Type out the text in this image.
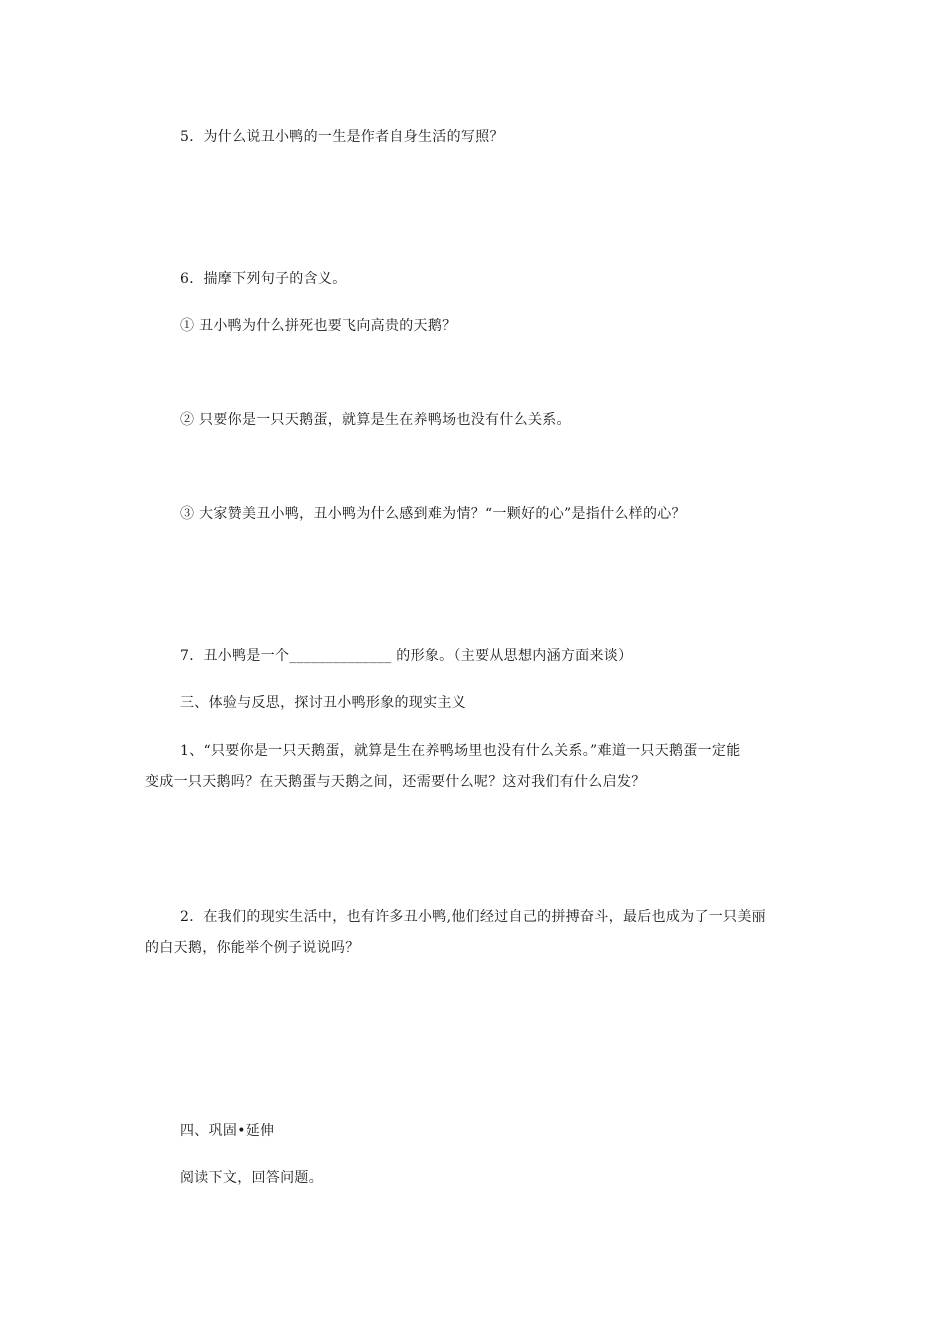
5．为什么说丑小鸭的一生是作者自身生活的写照？
6．揣摩下列句子的含义。
① 丑小鸭为什么拼死也要飞向高贵的天鹅？
② 只要你是一只天鹅蛋，就算是生在养鸭场也没有什么关系。
③ 大家赞美丑小鸭，丑小鸭为什么感到难为情？“一颗好的心”是指什么样的心？
7．丑小鸭是一个______________ 的形象。（主要从思想内涵方面来谈）
三、体验与反思，探讨丑小鸭形象的现实主义
1、“只要你是一只天鹅蛋，就算是生在养鸭场里也没有什么关系。”难道一只天鹅蛋一定能
变成一只天鹅吗？在天鹅蛋与天鹅之间，还需要什么呢？这对我们有什么启发？
2．在我们的现实生活中，也有许多丑小鸭,他们经过自己的拼搏奋斗，最后也成为了一只美丽
的白天鹅，你能举个例子说说吗？
四、巩固•延伸
阅读下文，回答问题。
